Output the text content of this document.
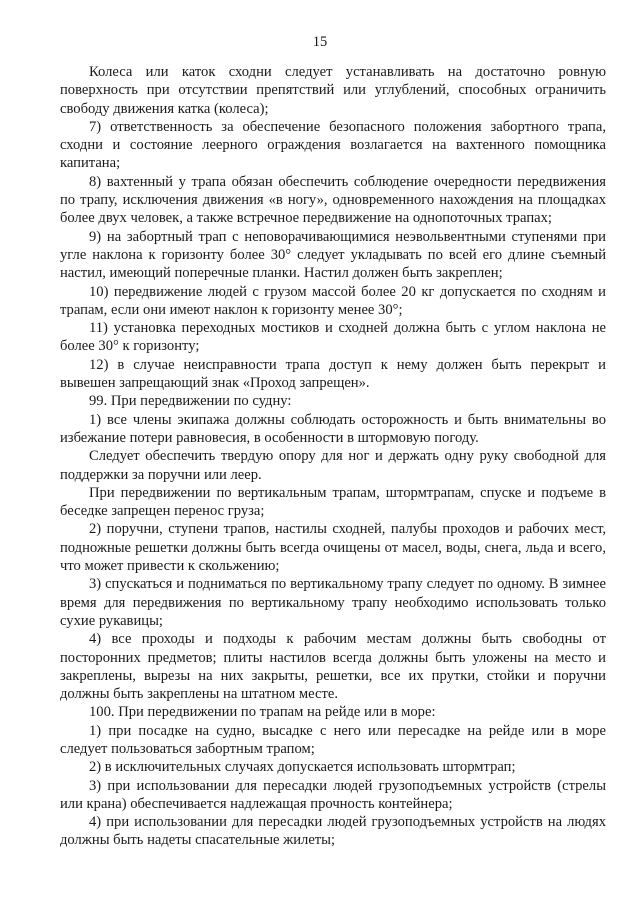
15

Колеса или каток сходни следует устанавливать на достаточно ровную поверхность при отсутствии препятствий или углублений, способных ограничить свободу движения катка (колеса);

7) ответственность за обеспечение безопасного положения забортного трапа, сходни и состояние леерного ограждения возлагается на вахтенного помощника капитана;

8) вахтенный у трапа обязан обеспечить соблюдение очередности передвижения по трапу, исключения движения «в ногу», одновременного нахождения на площадках более двух человек, а также встречное передвижение на однопоточных трапах;

9) на забортный трап с неповорачивающимися неэвольвентными ступенями при угле наклона к горизонту более 30° следует укладывать по всей его длине съемный настил, имеющий поперечные планки. Настил должен быть закреплен;

10) передвижение людей с грузом массой более 20 кг допускается по сходням и трапам, если они имеют наклон к горизонту менее 30°;

11) установка переходных мостиков и сходней должна быть с углом наклона не более 30° к горизонту;

12) в случае неисправности трапа доступ к нему должен быть перекрыт и вывешен запрещающий знак «Проход запрещен».

99. При передвижении по судну:

1) все члены экипажа должны соблюдать осторожность и быть внимательны во избежание потери равновесия, в особенности в штормовую погоду.

Следует обеспечить твердую опору для ног и держать одну руку свободной для поддержки за поручни или леер.

При передвижении по вертикальным трапам, штормтрапам, спуске и подъеме в беседке запрещен перенос груза;

2) поручни, ступени трапов, настилы сходней, палубы проходов и рабочих мест, подножные решетки должны быть всегда очищены от масел, воды, снега, льда и всего, что может привести к скольжению;

3) спускаться и подниматься по вертикальному трапу следует по одному. В зимнее время для передвижения по вертикальному трапу необходимо использовать только сухие рукавицы;

4) все проходы и подходы к рабочим местам должны быть свободны от посторонних предметов; плиты настилов всегда должны быть уложены на место и закреплены, вырезы на них закрыты, решетки, все их прутки, стойки и поручни должны быть закреплены на штатном месте.

100. При передвижении по трапам на рейде или в море:

1) при посадке на судно, высадке с него или пересадке на рейде или в море следует пользоваться забортным трапом;

2) в исключительных случаях допускается использовать штормтрап;

3) при использовании для пересадки людей грузоподъемных устройств (стрелы или крана) обеспечивается надлежащая прочность контейнера;

4) при использовании для пересадки людей грузоподъемных устройств на людях должны быть надеты спасательные жилеты;
